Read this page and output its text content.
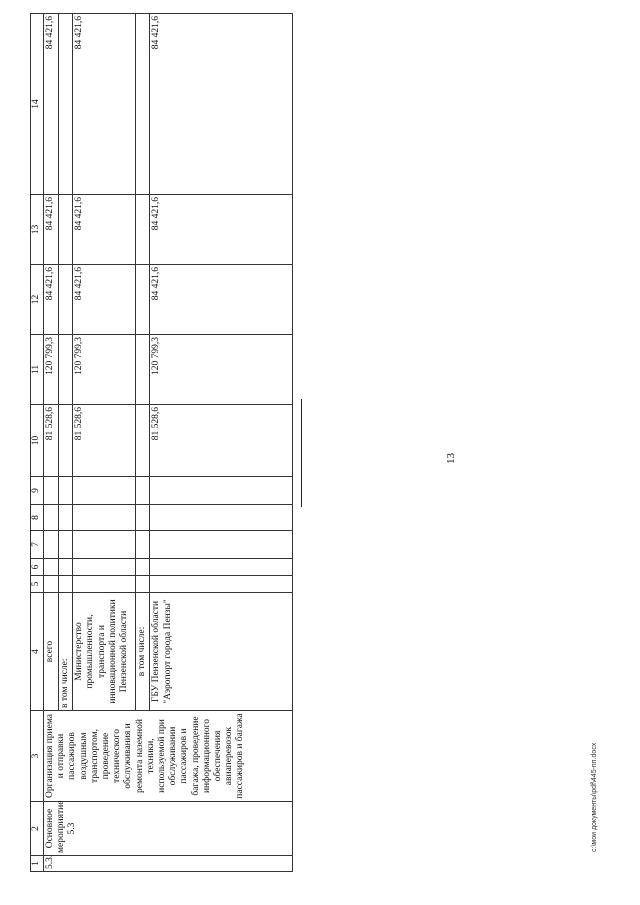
13
1	2	3	4	5	6	7	8	9	10	11	12	13	14
5.3.	Основное мероприятие 5.3	Организация приема и отправки пассажиров воздушным транспортом, проведение технического обслуживания и ремонта наземной техники, используемой при обслуживании пассажиров и багажа, проведение информационного обеспечения авиаперевозок пассажиров и багажа	всего						81 528,6	120 799,3	84 421,6	84 421,6	84 421,6
			в том числе:										
			Министерство промышленности, транспорта и инновационной политики Пензенской области						81 528,6	120 799,3	84 421,6	84 421,6	84 421,6
			в том числе:										
			ГБУ Пензенской области "Аэропорт города Пензы"						81 528,6	120 799,3	84 421,6	84 421,6	84 421,6
c:\мои документы\pdf\445-пп.docx
